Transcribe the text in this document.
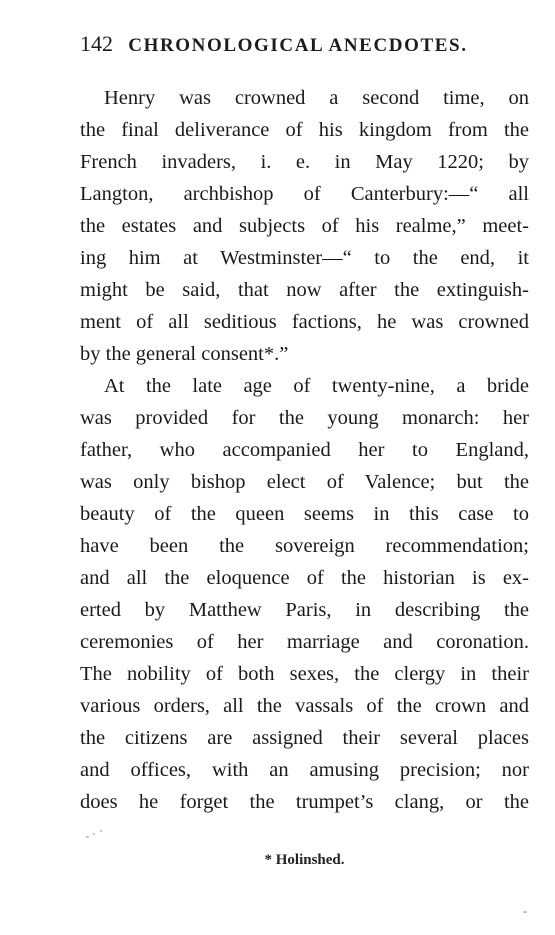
142 CHRONOLOGICAL ANECDOTES.
Henry was crowned a second time, on
the final deliverance of his kingdom from the
French invaders, i. e. in May 1220; by
Langton, archbishop of Canterbury:—“ all
the estates and subjects of his realme,” meet-
ing him at Westminster—“ to the end, it
might be said, that now after the extinguish-
ment of all seditious factions, he was crowned
by the general consent*.”
At the late age of twenty-nine, a bride
was provided for the young monarch: her
father, who accompanied her to England,
was only bishop elect of Valence; but the
beauty of the queen seems in this case to
have been the sovereign recommendation;
and all the eloquence of the historian is ex-
erted by Matthew Paris, in describing the
ceremonies of her marriage and coronation.
The nobility of both sexes, the clergy in their
various orders, all the vassals of the crown and
the citizens are assigned their several places
and offices, with an amusing precision; nor
does he forget the trumpet’s clang, or the
* Holinshed.
